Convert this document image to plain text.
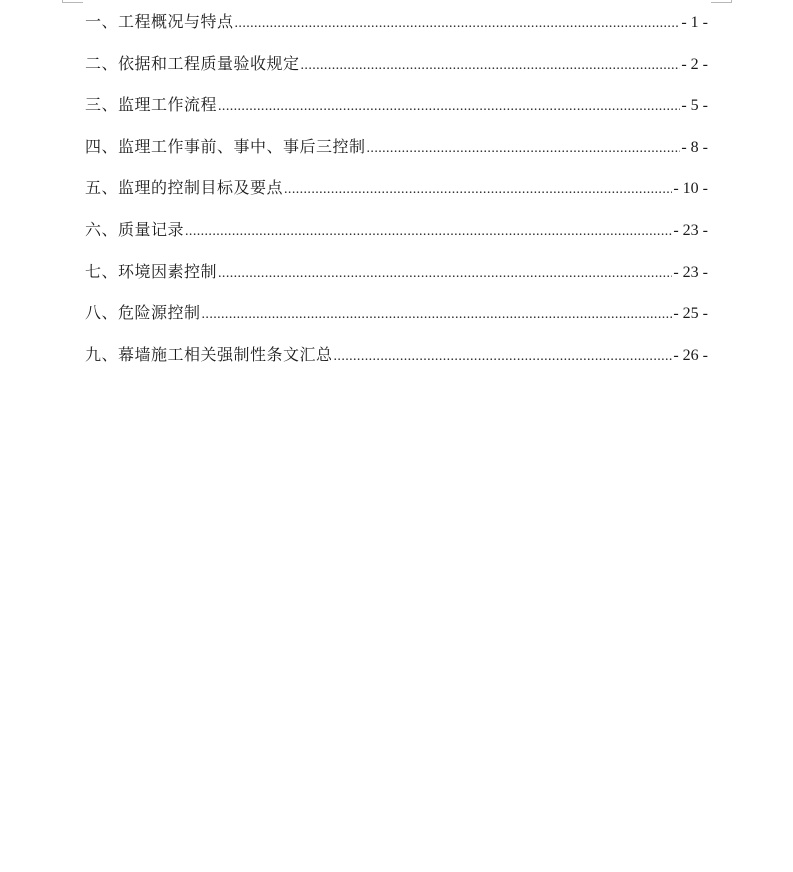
一、工程概况与特点 .....	- 1 -
二、依据和工程质量验收规定 .....	- 2 -
三、监理工作流程 .....	- 5 -
四、监理工作事前、事中、事后三控制 .....	- 8 -
五、监理的控制目标及要点 .....	- 10 -
六、质量记录 .....	- 23 -
七、环境因素控制 .....	- 23 -
八、危险源控制 .....	- 25 -
九、幕墙施工相关强制性条文汇总 .....	- 26 -
